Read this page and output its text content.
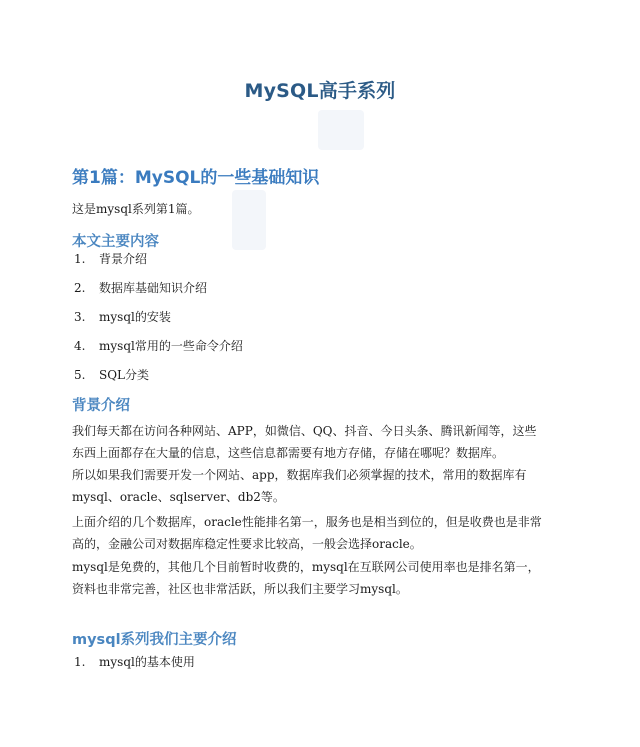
MySQL高手系列
第1篇：MySQL的一些基础知识
这是mysql系列第1篇。
本文主要内容
1. 背景介绍
2. 数据库基础知识介绍
3. mysql的安装
4. mysql常用的一些命令介绍
5. SQL分类
背景介绍
我们每天都在访问各种网站、APP，如微信、QQ、抖音、今日头条、腾讯新闻等，这些
东西上面都存在大量的信息，这些信息都需要有地方存储，存储在哪呢？数据库。
所以如果我们需要开发一个网站、app，数据库我们必须掌握的技术，常用的数据库有
mysql、oracle、sqlserver、db2等。
上面介绍的几个数据库，oracle性能排名第一，服务也是相当到位的，但是收费也是非常
高的，金融公司对数据库稳定性要求比较高，一般会选择oracle。
mysql是免费的，其他几个目前暂时收费的，mysql在互联网公司使用率也是排名第一，
资料也非常完善，社区也非常活跃，所以我们主要学习mysql。
mysql系列我们主要介绍
1. mysql的基本使用
